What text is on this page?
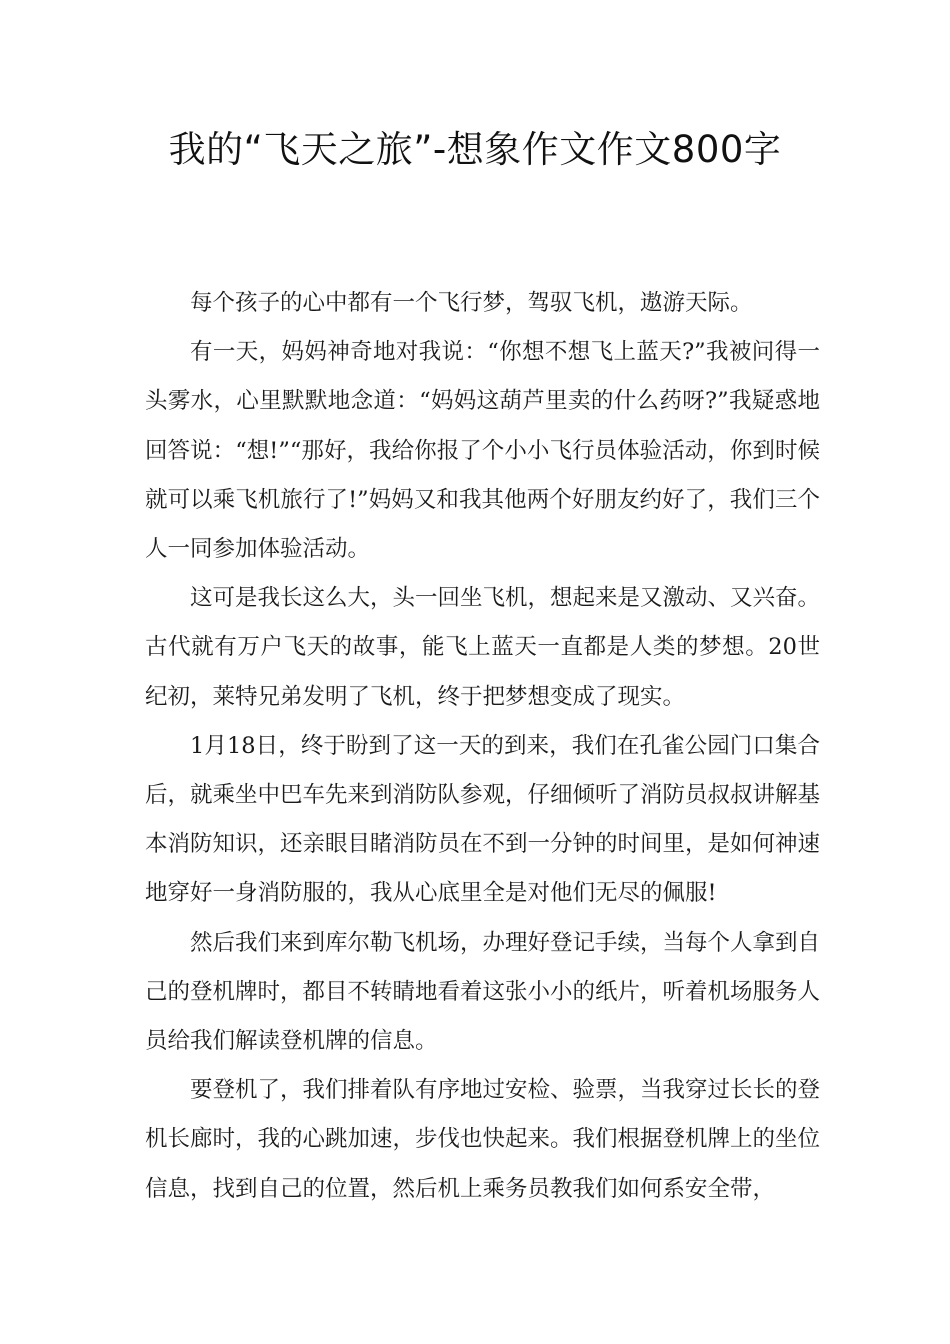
我的“飞天之旅”-想象作文作文800字

每个孩子的心中都有一个飞行梦，驾驭飞机，遨游天际。

有一天，妈妈神奇地对我说：“你想不想飞上蓝天?”我被问得一头雾水，心里默默地念道：“妈妈这葫芦里卖的什么药呀?”我疑惑地回答说：“想!”“那好，我给你报了个小小飞行员体验活动，你到时候就可以乘飞机旅行了!”妈妈又和我其他两个好朋友约好了，我们三个人一同参加体验活动。

这可是我长这么大，头一回坐飞机，想起来是又激动、又兴奋。古代就有万户飞天的故事，能飞上蓝天一直都是人类的梦想。20世纪初，莱特兄弟发明了飞机，终于把梦想变成了现实。

1月18日，终于盼到了这一天的到来，我们在孔雀公园门口集合后，就乘坐中巴车先来到消防队参观，仔细倾听了消防员叔叔讲解基本消防知识，还亲眼目睹消防员在不到一分钟的时间里，是如何神速地穿好一身消防服的，我从心底里全是对他们无尽的佩服!

然后我们来到库尔勒飞机场，办理好登记手续，当每个人拿到自己的登机牌时，都目不转睛地看着这张小小的纸片，听着机场服务人员给我们解读登机牌的信息。

要登机了，我们排着队有序地过安检、验票，当我穿过长长的登机长廊时，我的心跳加速，步伐也快起来。我们根据登机牌上的坐位信息，找到自己的位置，然后机上乘务员教我们如何系安全带，
